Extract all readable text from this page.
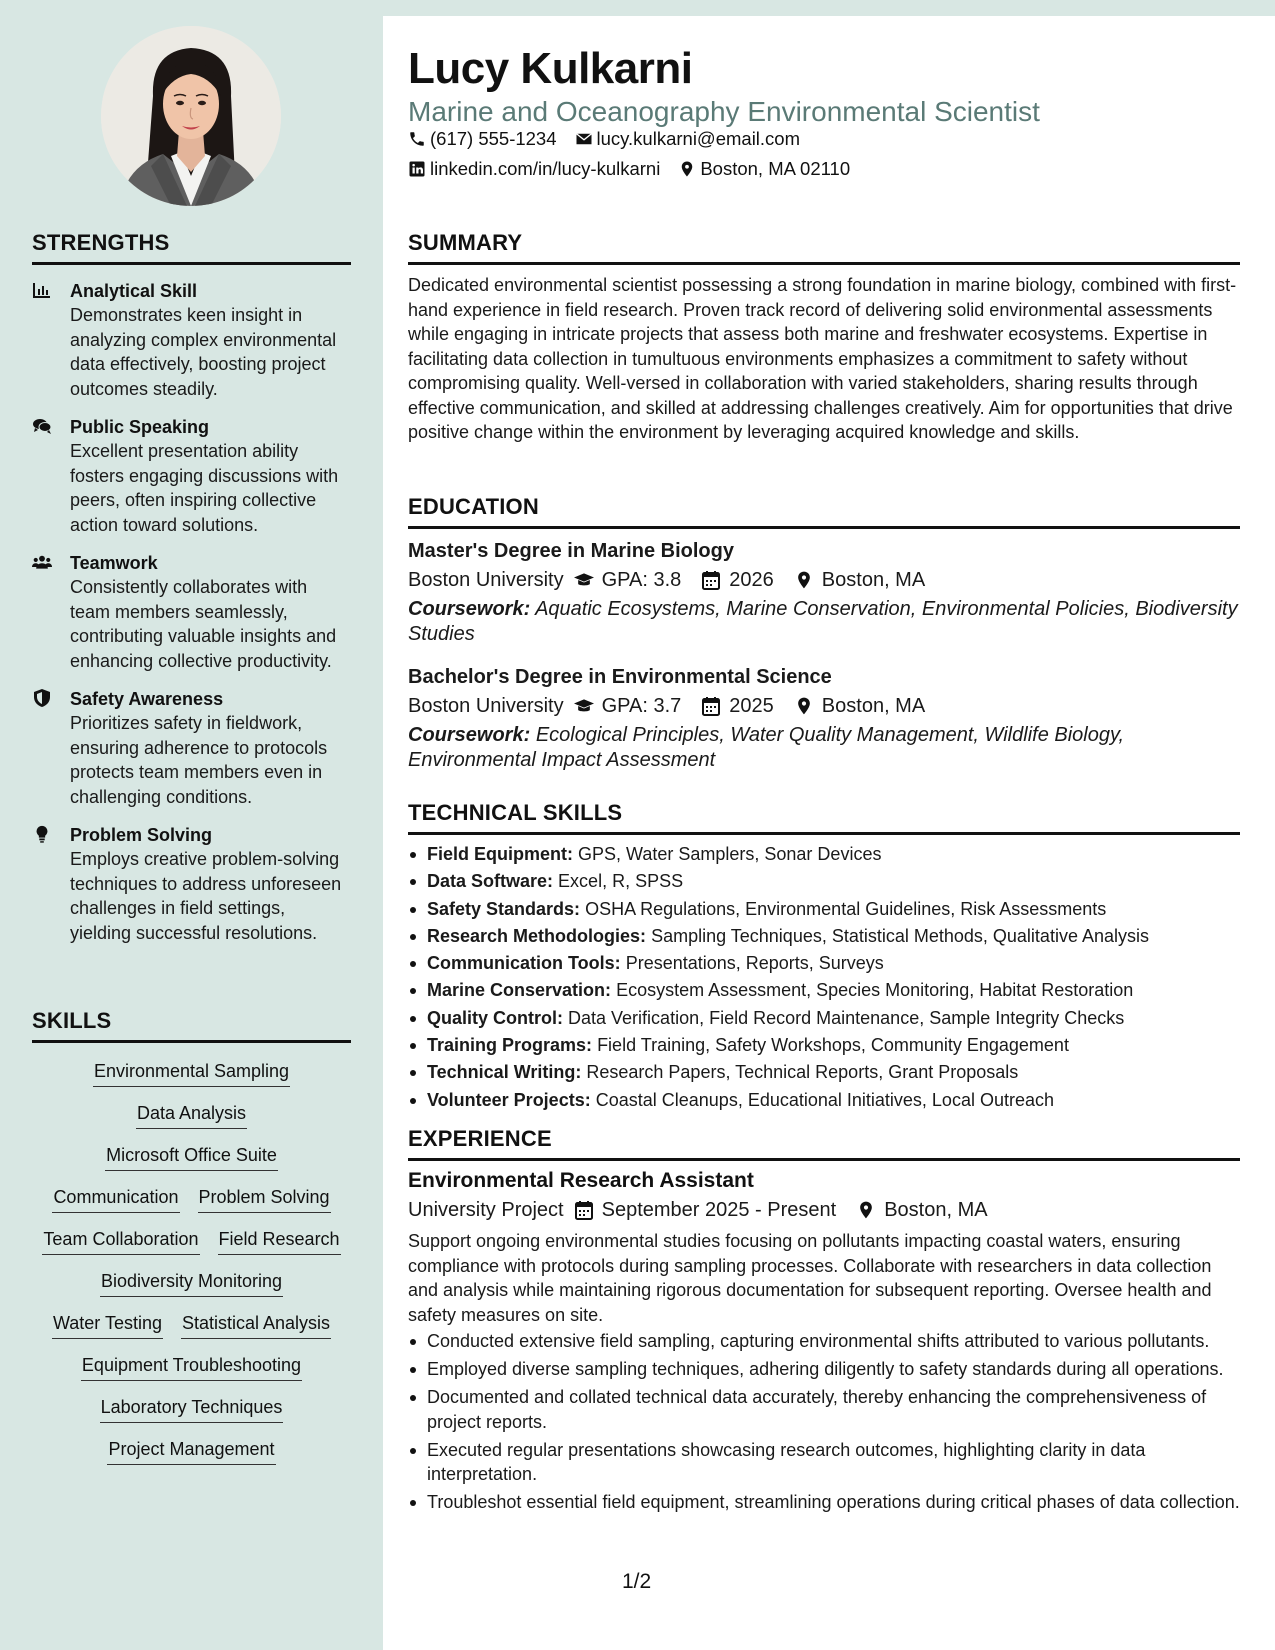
Lucy Kulkarni
Marine and Oceanography Environmental Scientist
(617) 555-1234 lucy.kulkarni@email.com
linkedin.com/in/lucy-kulkarni Boston, MA 02110
STRENGTHS
Analytical Skill
Demonstrates keen insight in analyzing complex environmental data effectively, boosting project outcomes steadily.
Public Speaking
Excellent presentation ability fosters engaging discussions with peers, often inspiring collective action toward solutions.
Teamwork
Consistently collaborates with team members seamlessly, contributing valuable insights and enhancing collective productivity.
Safety Awareness
Prioritizes safety in fieldwork, ensuring adherence to protocols protects team members even in challenging conditions.
Problem Solving
Employs creative problem-solving techniques to address unforeseen challenges in field settings, yielding successful resolutions.
SKILLS
Environmental Sampling
Data Analysis
Microsoft Office Suite
Communication Problem Solving
Team Collaboration Field Research
Biodiversity Monitoring
Water Testing Statistical Analysis
Equipment Troubleshooting
Laboratory Techniques
Project Management
SUMMARY
Dedicated environmental scientist possessing a strong foundation in marine biology, combined with first-hand experience in field research. Proven track record of delivering solid environmental assessments while engaging in intricate projects that assess both marine and freshwater ecosystems. Expertise in facilitating data collection in tumultuous environments emphasizes a commitment to safety without compromising quality. Well-versed in collaboration with varied stakeholders, sharing results through effective communication, and skilled at addressing challenges creatively. Aim for opportunities that drive positive change within the environment by leveraging acquired knowledge and skills.
EDUCATION
Master's Degree in Marine Biology
Boston University GPA: 3.8 2026 Boston, MA
Coursework: Aquatic Ecosystems, Marine Conservation, Environmental Policies, Biodiversity Studies
Bachelor's Degree in Environmental Science
Boston University GPA: 3.7 2025 Boston, MA
Coursework: Ecological Principles, Water Quality Management, Wildlife Biology, Environmental Impact Assessment
TECHNICAL SKILLS
Field Equipment: GPS, Water Samplers, Sonar Devices
Data Software: Excel, R, SPSS
Safety Standards: OSHA Regulations, Environmental Guidelines, Risk Assessments
Research Methodologies: Sampling Techniques, Statistical Methods, Qualitative Analysis
Communication Tools: Presentations, Reports, Surveys
Marine Conservation: Ecosystem Assessment, Species Monitoring, Habitat Restoration
Quality Control: Data Verification, Field Record Maintenance, Sample Integrity Checks
Training Programs: Field Training, Safety Workshops, Community Engagement
Technical Writing: Research Papers, Technical Reports, Grant Proposals
Volunteer Projects: Coastal Cleanups, Educational Initiatives, Local Outreach
EXPERIENCE
Environmental Research Assistant
University Project September 2025 - Present Boston, MA
Support ongoing environmental studies focusing on pollutants impacting coastal waters, ensuring compliance with protocols during sampling processes. Collaborate with researchers in data collection and analysis while maintaining rigorous documentation for subsequent reporting. Oversee health and safety measures on site.
Conducted extensive field sampling, capturing environmental shifts attributed to various pollutants.
Employed diverse sampling techniques, adhering diligently to safety standards during all operations.
Documented and collated technical data accurately, thereby enhancing the comprehensiveness of project reports.
Executed regular presentations showcasing research outcomes, highlighting clarity in data interpretation.
Troubleshot essential field equipment, streamlining operations during critical phases of data collection.
1/2
